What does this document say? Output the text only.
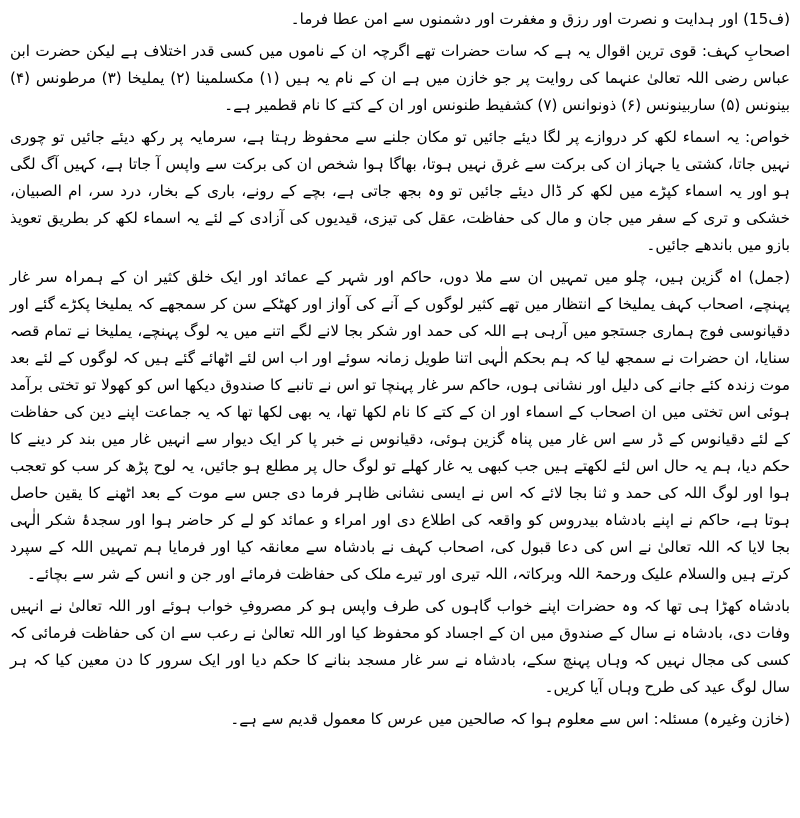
(ف15) اور ہدایت و نصرت اور رزق و مغفرت اور دشمنوں سے امن عطا فرما۔

اصحابِ کہف: قوی ترین اقوال یہ ہے کہ سات حضرات تھے اگرچہ ان کے ناموں میں کسی قدر اختلاف ہے لیکن حضرت ابن عباس رضی اللہ تعالیٰ عنہما کی روایت پر جو خازن میں ہے ان کے نام یہ ہیں (۱) مکسلمینا (۲) یملیخا (۳) مرطونس (۴) بینونس (۵) ساربینونس (۶) ذونوانس (۷) کشفیط طنونس اور ان کے کتے کا نام قطمیر ہے۔

خواص: یہ اسماء لکھ کر دروازے پر لگا دیئے جائیں تو مکان جلنے سے محفوظ رہتا ہے، سرمایہ پر رکھ دیئے جائیں تو چوری نہیں جاتا، کشتی یا جہاز ان کی برکت سے غرق نہیں ہوتا، بھاگا ہوا شخص ان کی برکت سے واپس آ جاتا ہے، کہیں آگ لگی ہو اور یہ اسماء کپڑے میں لکھ کر ڈال دیئے جائیں تو وہ بجھ جاتی ہے، بچے کے رونے، باری کے بخار، درد سر، ام الصبیان، خشکی و تری کے سفر میں جان و مال کی حفاظت، عقل کی تیزی، قیدیوں کی آزادی کے لئے یہ اسماء لکھ کر بطریق تعویذ بازو میں باندھے جائیں۔

(جمل) اہ گزین ہیں، چلو میں تمہیں ان سے ملا دوں، حاکم اور شہر کے عمائد اور ایک خلق کثیر ان کے ہمراہ سر غار پہنچے، اصحاب کہف یملیخا کے انتظار میں تھے کثیر لوگوں کے آنے کی آواز اور کھٹکے سن کر سمجھے کہ یملیخا پکڑے گئے اور دقیانوسی فوج ہماری جستجو میں آرہی ہے اللہ کی حمد اور شکر بجا لانے لگے اتنے میں یہ لوگ پہنچے، یملیخا نے تمام قصہ سنایا، ان حضرات نے سمجھ لیا کہ ہم بحکم الٰہی اتنا طویل زمانہ سوئے اور اب اس لئے اٹھائے گئے ہیں کہ لوگوں کے لئے بعد موت زندہ کئے جانے کی دلیل اور نشانی ہوں، حاکم سر غار پہنچا تو اس نے تانبے کا صندوق دیکھا اس کو کھولا تو تختی برآمد ہوئی اس تختی میں ان اصحاب کے اسماء اور ان کے کتے کا نام لکھا تھا، یہ بھی لکھا تھا کہ یہ جماعت اپنے دین کی حفاظت کے لئے دقیانوس کے ڈر سے اس غار میں پناہ گزین ہوئی، دقیانوس نے خبر پا کر ایک دیوار سے انہیں غار میں بند کر دینے کا حکم دیا، ہم یہ حال اس لئے لکھتے ہیں جب کبھی یہ غار کھلے تو لوگ حال پر مطلع ہو جائیں، یہ لوح پڑھ کر سب کو تعجب ہوا اور لوگ اللہ کی حمد و ثنا بجا لائے کہ اس نے ایسی نشانی ظاہر فرما دی جس سے موت کے بعد اٹھنے کا یقین حاصل ہوتا ہے، حاکم نے اپنے بادشاہ بیدروس کو واقعہ کی اطلاع دی اور امراء و عمائد کو لے کر حاضر ہوا اور سجدۂ شکر الٰہی بجا لایا کہ اللہ تعالیٰ نے اس کی دعا قبول کی، اصحاب کہف نے بادشاہ سے معانقہ کیا اور فرمایا ہم تمہیں اللہ کے سپرد کرتے ہیں والسلام علیک ورحمۃ اللہ وبرکاتہ، اللہ تیری اور تیرے ملک کی حفاظت فرمائے اور جن و انس کے شر سے بچائے۔

بادشاہ کھڑا ہی تھا کہ وہ حضرات اپنے خواب گاہوں کی طرف واپس ہو کر مصروفِ خواب ہوئے اور اللہ تعالیٰ نے انہیں وفات دی، بادشاہ نے سال کے صندوق میں ان کے اجساد کو محفوظ کیا اور اللہ تعالیٰ نے رعب سے ان کی حفاظت فرمائی کہ کسی کی مجال نہیں کہ وہاں پہنچ سکے، بادشاہ نے سر غار مسجد بنانے کا حکم دیا اور ایک سرور کا دن معین کیا کہ ہر سال لوگ عید کی طرح وہاں آیا کریں۔

(خازن وغیرہ) مسئلہ: اس سے معلوم ہوا کہ صالحین میں عرس کا معمول قدیم سے ہے۔
